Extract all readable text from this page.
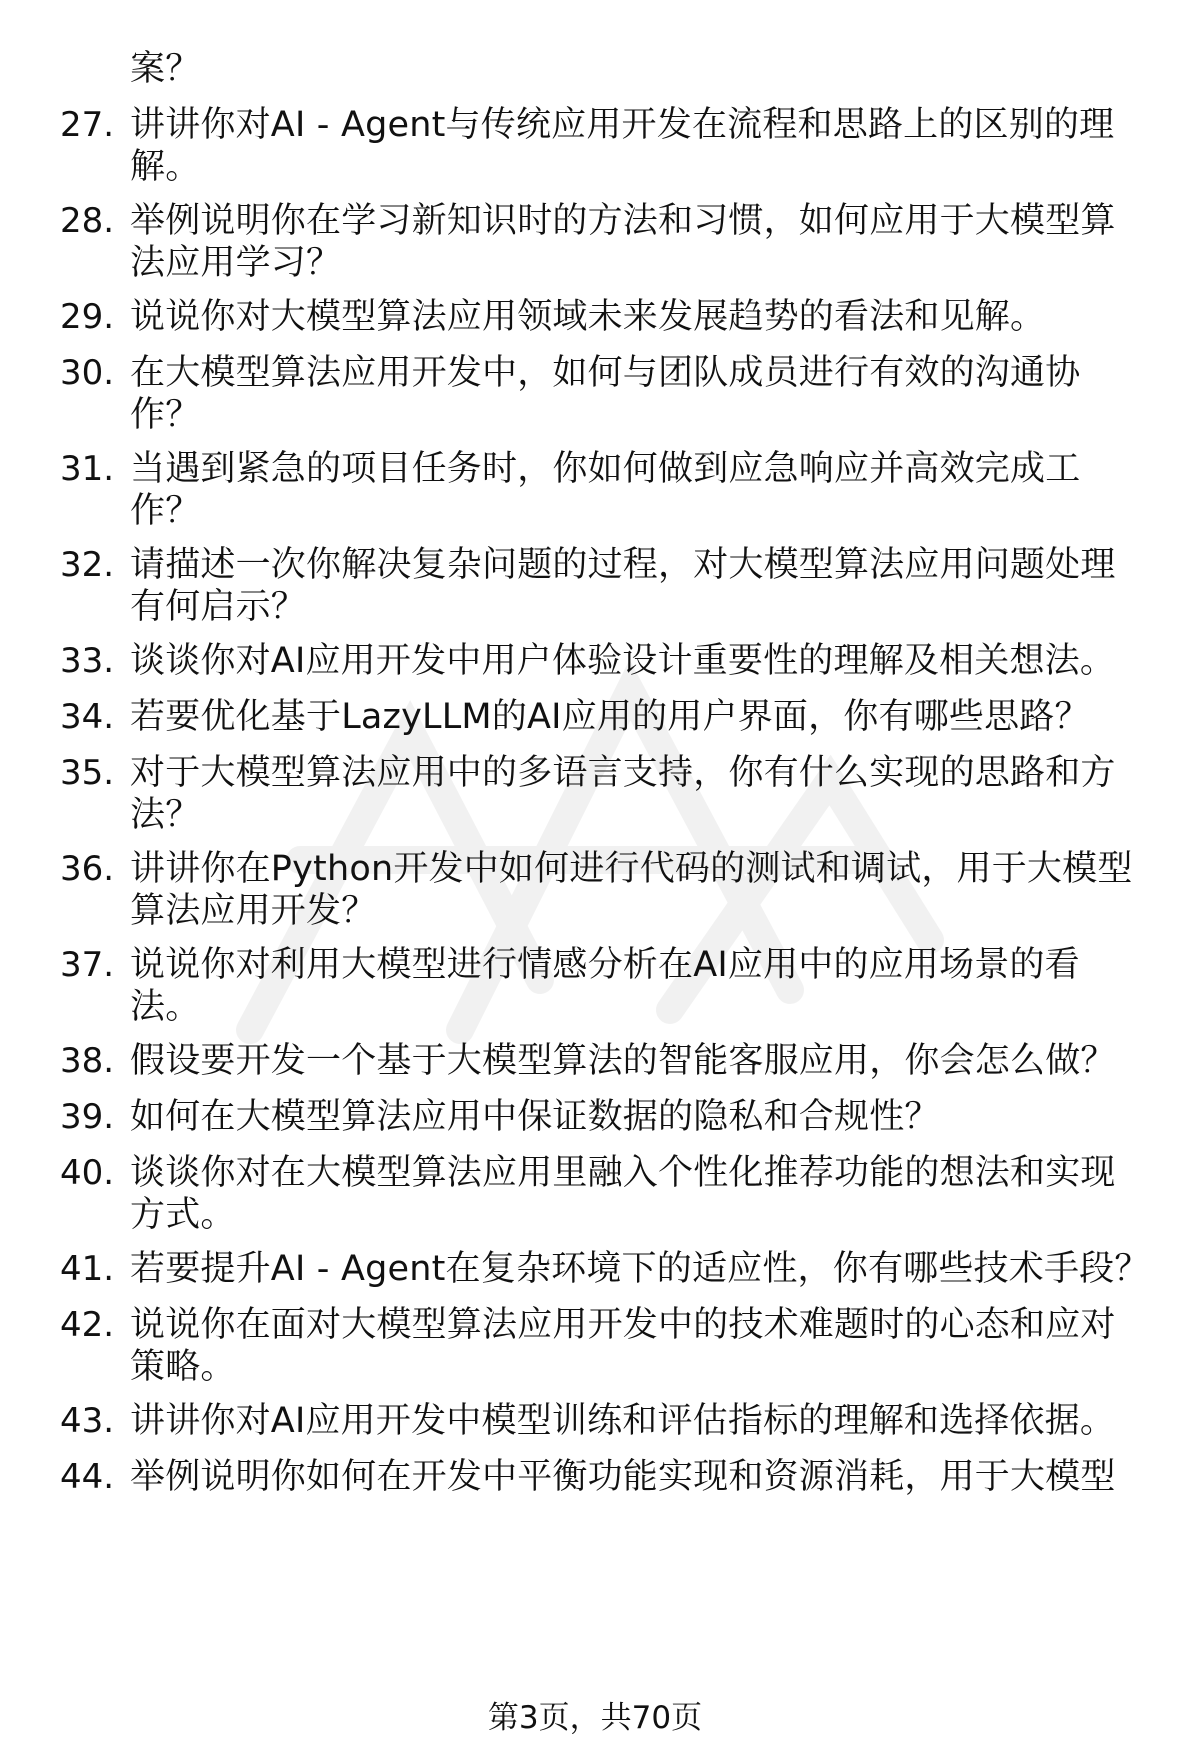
案？
27. 讲讲你对AI - Agent与传统应用开发在流程和思路上的区别的理
解。
28. 举例说明你在学习新知识时的方法和习惯，如何应用于大模型算
法应用学习？
29. 说说你对大模型算法应用领域未来发展趋势的看法和见解。
30. 在大模型算法应用开发中，如何与团队成员进行有效的沟通协
作？
31. 当遇到紧急的项目任务时，你如何做到应急响应并高效完成工
作？
32. 请描述一次你解决复杂问题的过程，对大模型算法应用问题处理
有何启示？
33. 谈谈你对AI应用开发中用户体验设计重要性的理解及相关想法。
34. 若要优化基于LazyLLM的AI应用的用户界面，你有哪些思路？
35. 对于大模型算法应用中的多语言支持，你有什么实现的思路和方
法？
36. 讲讲你在Python开发中如何进行代码的测试和调试，用于大模型
算法应用开发？
37. 说说你对利用大模型进行情感分析在AI应用中的应用场景的看
法。
38. 假设要开发一个基于大模型算法的智能客服应用，你会怎么做？
39. 如何在大模型算法应用中保证数据的隐私和合规性？
40. 谈谈你对在大模型算法应用里融入个性化推荐功能的想法和实现
方式。
41. 若要提升AI - Agent在复杂环境下的适应性，你有哪些技术手段？
42. 说说你在面对大模型算法应用开发中的技术难题时的心态和应对
策略。
43. 讲讲你对AI应用开发中模型训练和评估指标的理解和选择依据。
44. 举例说明你如何在开发中平衡功能实现和资源消耗，用于大模型
第3页，共70页
